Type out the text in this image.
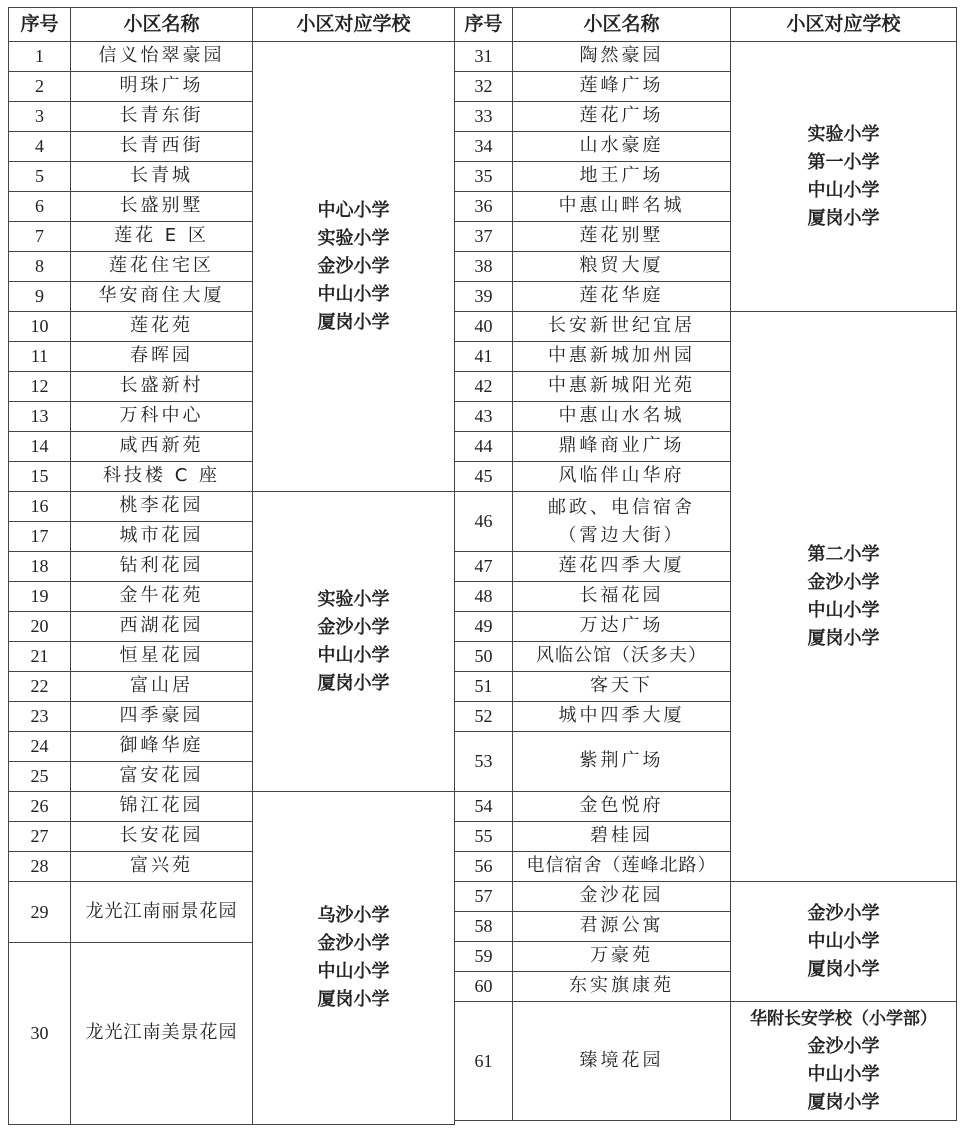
序号	小区名称	小区对应学校
1	信义怡翠豪园	中心小学
实验小学
金沙小学
中山小学
厦岗小学

2	明珠广场	
3	长青东街	
4	长青西街	
5	长青城	
6	长盛别墅	
7	莲花 E 区	
8	莲花住宅区	
9	华安商住大厦	
10	莲花苑	
11	春晖园	
12	长盛新村	
13	万科中心	
14	咸西新苑	
15	科技楼 C 座	
16	桃李花园	实验小学
金沙小学
中山小学
厦岗小学

17	城市花园	
18	钻利花园	
19	金牛花苑	
20	西湖花园	
21	恒星花园	
22	富山居	
23	四季豪园	
24	御峰华庭	
25	富安花园	
26	锦江花园	乌沙小学
金沙小学
中山小学
厦岗小学

27	长安花园	
28	富兴苑	
29	龙光江南丽景花园	
30	龙光江南美景花园	
序号	小区名称	小区对应学校
31	陶然豪园	实验小学
第一小学
中山小学
厦岗小学

32	莲峰广场	
33	莲花广场	
34	山水豪庭	
35	地王广场	
36	中惠山畔名城	
37	莲花别墅	
38	粮贸大厦	
39	莲花华庭	
40	长安新世纪宜居	第二小学
金沙小学
中山小学
厦岗小学

41	中惠新城加州园	
42	中惠新城阳光苑	
43	中惠山水名城	
44	鼎峰商业广场	
45	风临伴山华府	
46	邮政、电信宿舍
（霄边大街）	

47	莲花四季大厦	
48	长福花园	
49	万达广场	
50	风临公馆（沃多夫）	
51	客天下	
52	城中四季大厦	
53	紫荆广场	
54	金色悦府	
55	碧桂园	
56	电信宿舍（莲峰北路）	
57	金沙花园	金沙小学
中山小学
厦岗小学

58	君源公寓	
59	万豪苑	
60	东实旗康苑	
61	臻境花园	华附长安学校（小学部）
金沙小学
中山小学
厦岗小学
